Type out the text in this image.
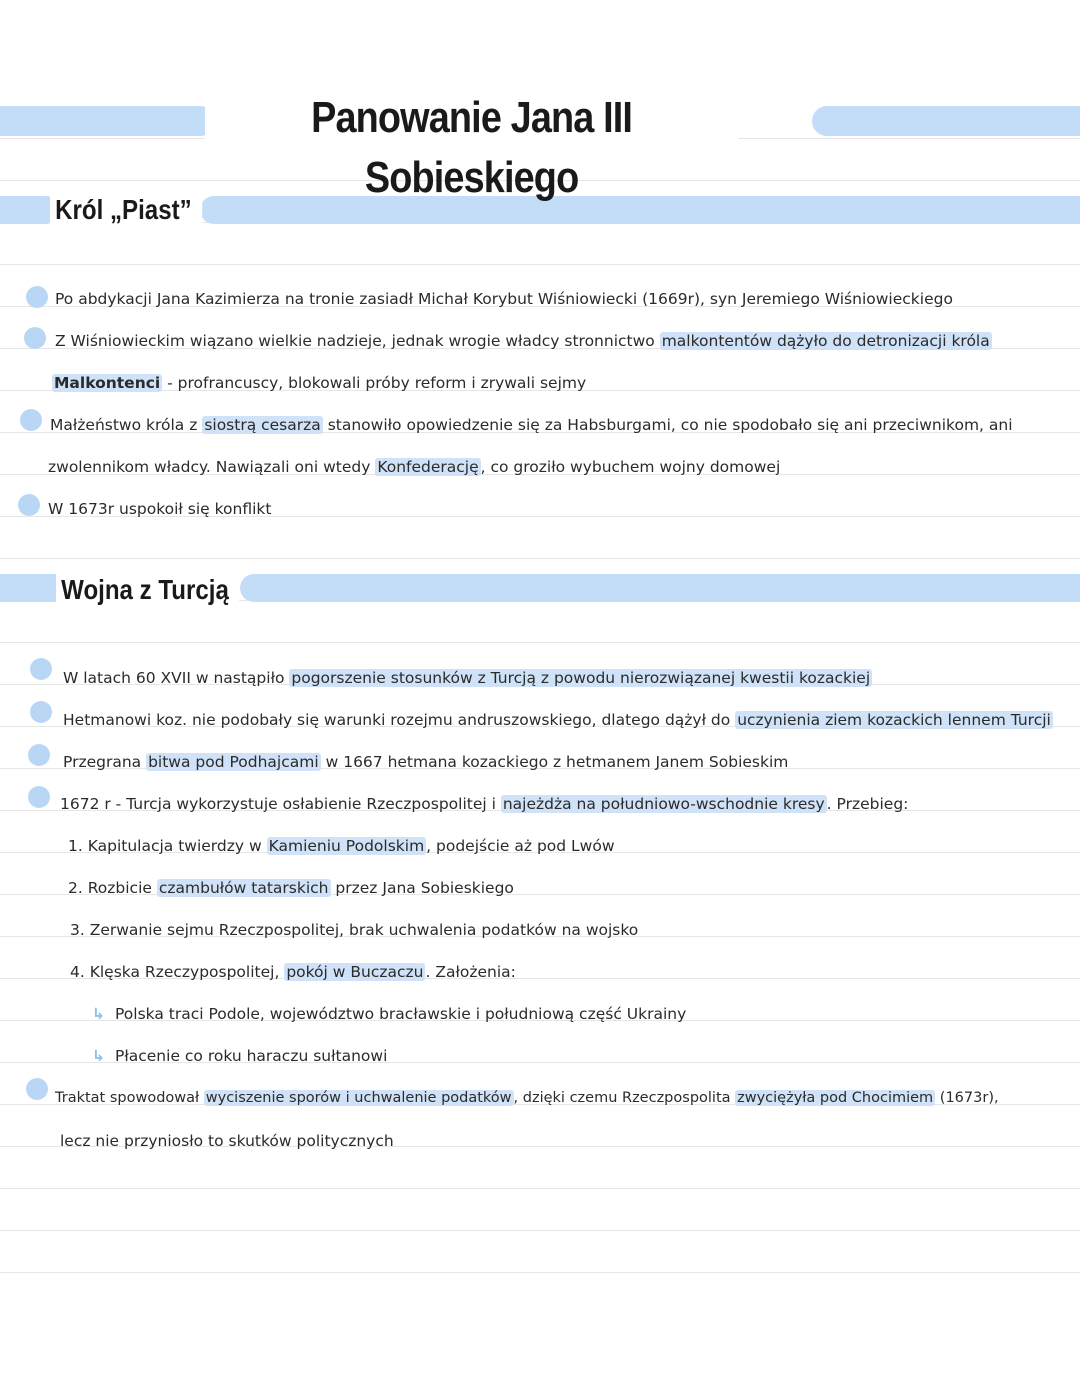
Panowanie Jana III Sobieskiego
Król „Piast”
Po abdykacji Jana Kazimierza na tronie zasiadł Michał Korybut Wiśniowiecki (1669r), syn Jeremiego Wiśniowieckiego
Z Wiśniowieckim wiązano wielkie nadzieje, jednak wrogie władcy stronnictwo malkontentów dążyło do detronizacji króla
Malkontenci - profrancuscy, blokowali próby reform i zrywali sejmy
Małżeństwo króla z siostrą cesarza stanowiło opowiedzenie się za Habsburgami, co nie spodobało się ani przeciwnikom, ani
zwolennikom władcy. Nawiązali oni wtedy Konfederację , co groziło wybuchem wojny domowej
W 1673r uspokoił się konflikt
Wojna z Turcją
W latach 60 XVII w nastąpiło pogorszenie stosunków z Turcją z powodu nierozwiązanej kwestii kozackiej
Hetmanowi koz. nie podobały się warunki rozejmu andruszowskiego, dlatego dążył do uczynienia ziem kozackich lennem Turcji
Przegrana bitwa pod Podhajcami w 1667 hetmana kozackiego z hetmanem Janem Sobieskim
1672 r - Turcja wykorzystuje osłabienie Rzeczpospolitej i najeżdża na południowo-wschodnie kresy . Przebieg:
1. Kapitulacja twierdzy w Kamieniu Podolskim , podejście aż pod Lwów
2. Rozbicie czambułów tatarskich przez Jana Sobieskiego
3. Zerwanie sejmu Rzeczpospolitej, brak uchwalenia podatków na wojsko
4. Klęska Rzeczypospolitej, pokój w Buczaczu . Założenia:
↳ Polska traci Podole, województwo bracławskie i południową część Ukrainy
↳ Płacenie co roku haraczu sułtanowi
Traktat spowodował wyciszenie sporów i uchwalenie podatków , dzięki czemu Rzeczpospolita zwyciężyła pod Chocimiem (1673r),
lecz nie przyniosło to skutków politycznych
